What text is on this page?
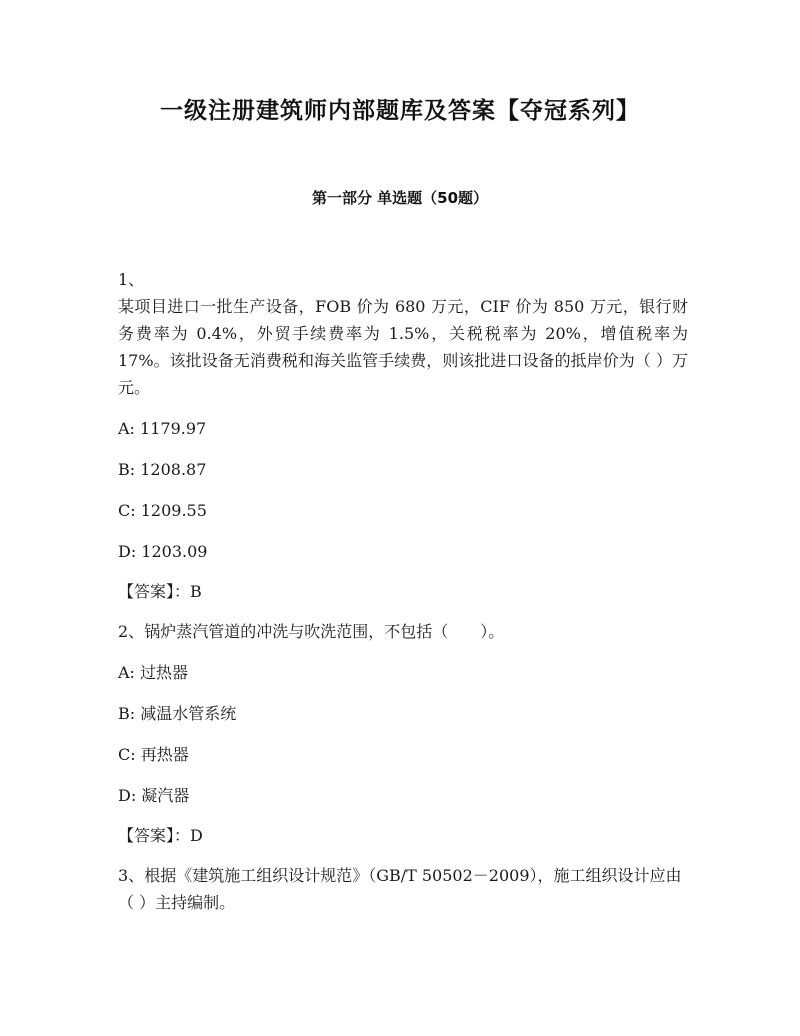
一级注册建筑师内部题库及答案【夺冠系列】
第一部分 单选题（50题）
1、

某项目进口一批生产设备，FOB 价为 680 万元，CIF 价为 850 万元，银行财务费率为 0.4%，外贸手续费率为 1.5%，关税税率为 20%，增值税率为 17%。该批设备无消费税和海关监管手续费，则该批进口设备的抵岸价为（ ）万元。

A: 1179.97
B: 1208.87
C: 1209.55
D: 1203.09
【答案】：B
2、锅炉蒸汽管道的冲洗与吹洗范围，不包括（　　）。
A: 过热器
B: 减温水管系统
C: 再热器
D: 凝汽器
【答案】：D
3、根据《建筑施工组织设计规范》（GB/T 50502－2009），施工组织设计应由（ ）主持编制。
